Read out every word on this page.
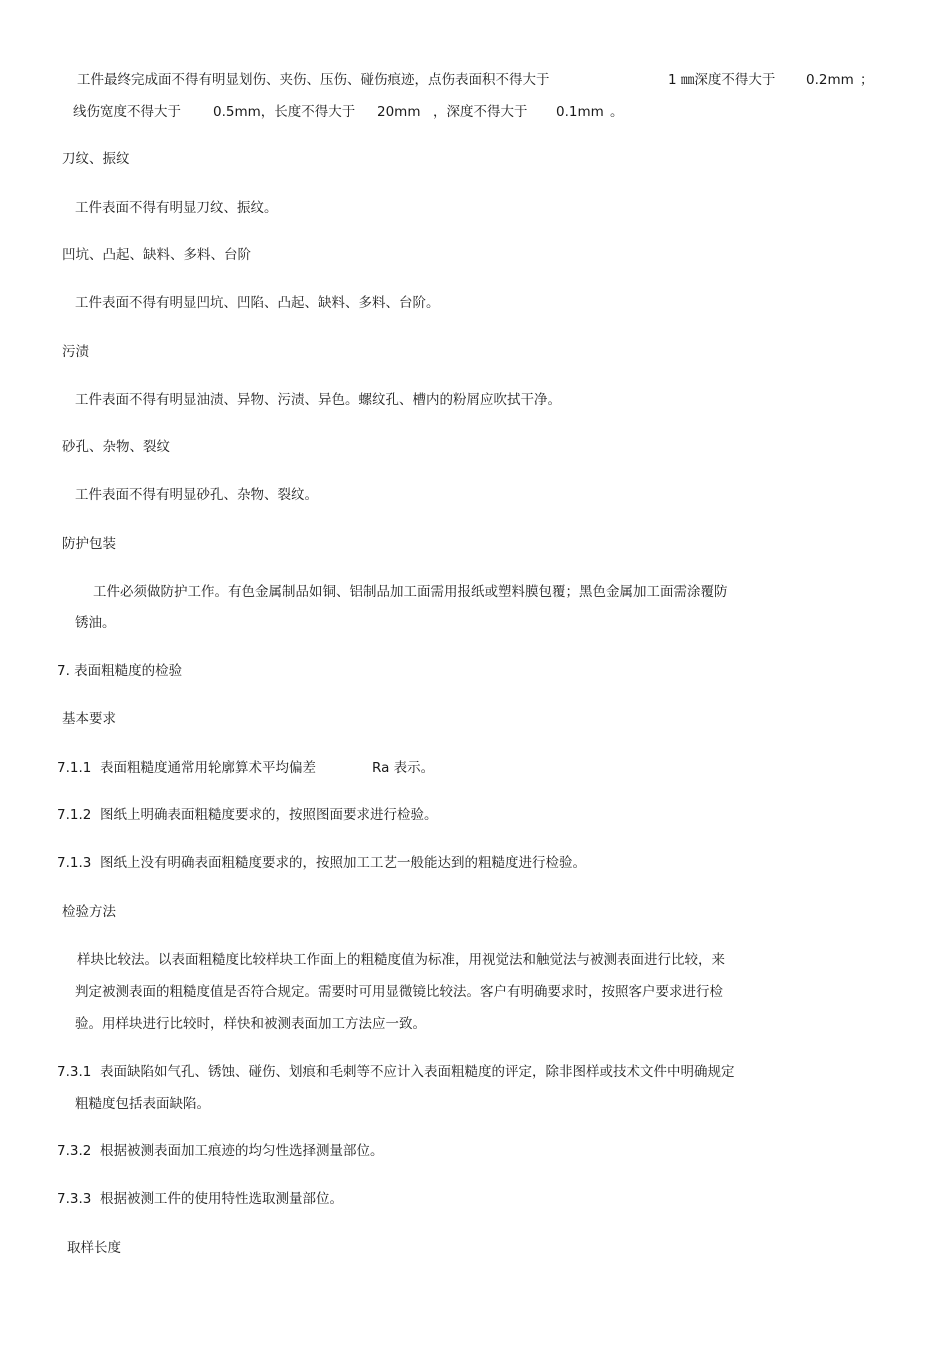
工件最终完成面不得有明显划伤、夹伤、压伤、碰伤痕迹，点伤表面积不得大于	1 ㎜深度不得大于 0.2mm ；
线伤宽度不得大于 0.5mm，长度不得大于 20mm ，深度不得大于 0.1mm 。
刀纹、振纹
工件表面不得有明显刀纹、振纹。
凹坑、凸起、缺料、多料、台阶
工件表面不得有明显凹坑、凹陷、凸起、缺料、多料、台阶。
污渍
工件表面不得有明显油渍、异物、污渍、异色。螺纹孔、槽内的粉屑应吹拭干净。
砂孔、杂物、裂纹
工件表面不得有明显砂孔、杂物、裂纹。
防护包装
工件必须做防护工作。有色金属制品如铜、铝制品加工面需用报纸或塑料膜包覆；黑色金属加工面需涂覆防
锈油。
7. 表面粗糙度的检验
基本要求
7.1.1 表面粗糙度通常用轮廓算术平均偏差	Ra 表示。
7.1.2 图纸上明确表面粗糙度要求的，按照图面要求进行检验。
7.1.3 图纸上没有明确表面粗糙度要求的，按照加工工艺一般能达到的粗糙度进行检验。
检验方法
样块比较法。以表面粗糙度比较样块工作面上的粗糙度值为标准，用视觉法和触觉法与被测表面进行比较，来
判定被测表面的粗糙度值是否符合规定。需要时可用显微镜比较法。客户有明确要求时，按照客户要求进行检
验。用样块进行比较时，样快和被测表面加工方法应一致。
7.3.1 表面缺陷如气孔、锈蚀、碰伤、划痕和毛刺等不应计入表面粗糙度的评定，除非图样或技术文件中明确规定
粗糙度包括表面缺陷。
7.3.2 根据被测表面加工痕迹的均匀性选择测量部位。
7.3.3 根据被测工件的使用特性选取测量部位。
取样长度
